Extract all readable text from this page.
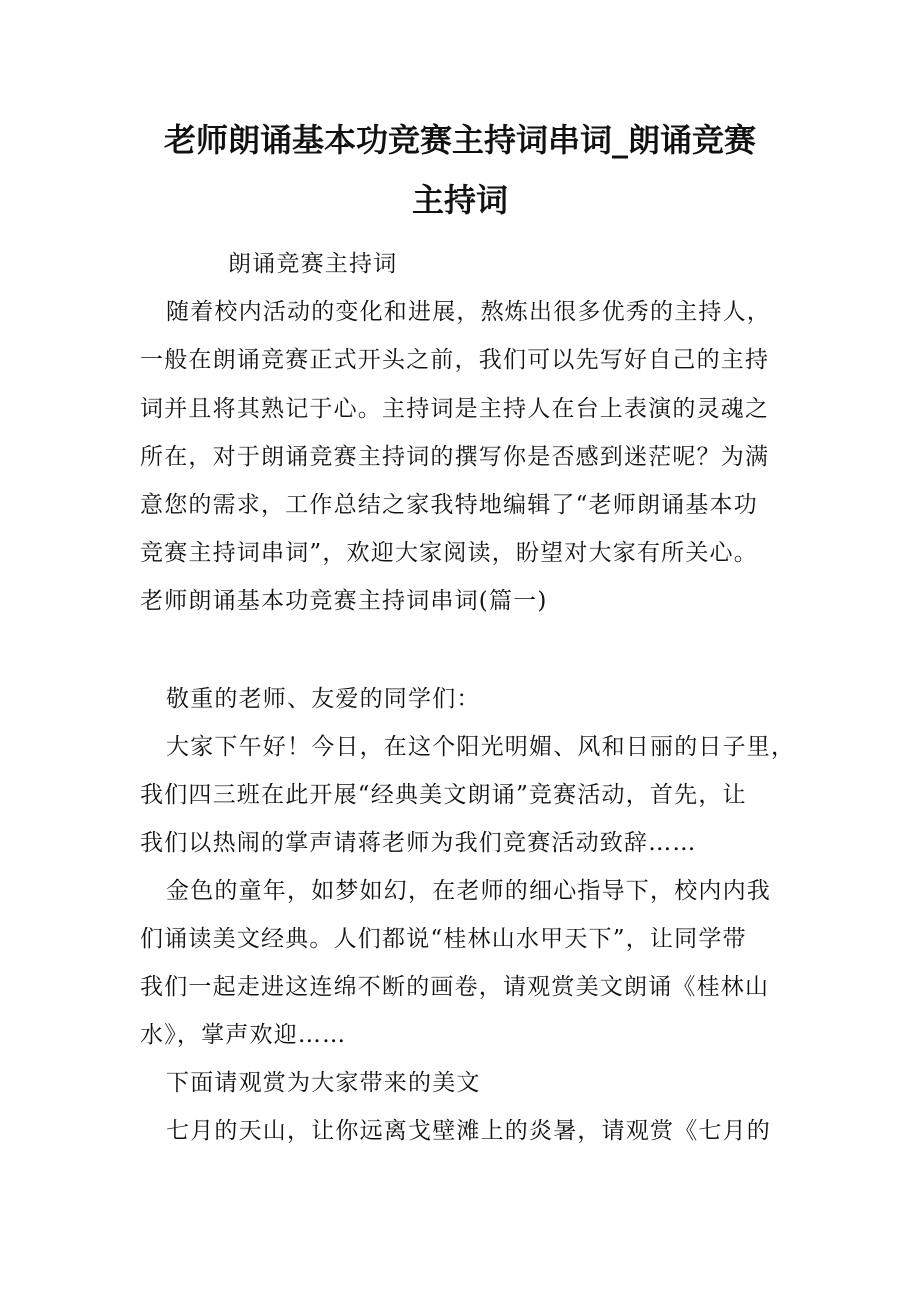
老师朗诵基本功竞赛主持词串词_朗诵竞赛
主持词
朗诵竞赛主持词
随着校内活动的变化和进展，熬炼出很多优秀的主持人，
一般在朗诵竞赛正式开头之前，我们可以先写好自己的主持
词并且将其熟记于心。主持词是主持人在台上表演的灵魂之
所在，对于朗诵竞赛主持词的撰写你是否感到迷茫呢？为满
意您的需求，工作总结之家我特地编辑了“老师朗诵基本功
竞赛主持词串词”，欢迎大家阅读，盼望对大家有所关心。
老师朗诵基本功竞赛主持词串词(篇一)
敬重的老师、友爱的同学们：
大家下午好！今日，在这个阳光明媚、风和日丽的日子里，
我们四三班在此开展“经典美文朗诵”竞赛活动，首先，让
我们以热闹的掌声请蒋老师为我们竞赛活动致辞……
金色的童年，如梦如幻，在老师的细心指导下，校内内我
们诵读美文经典。人们都说“桂林山水甲天下”，让同学带
我们一起走进这连绵不断的画卷，请观赏美文朗诵《桂林山
水》，掌声欢迎……
下面请观赏为大家带来的美文
七月的天山，让你远离戈壁滩上的炎暑，请观赏《七月的
